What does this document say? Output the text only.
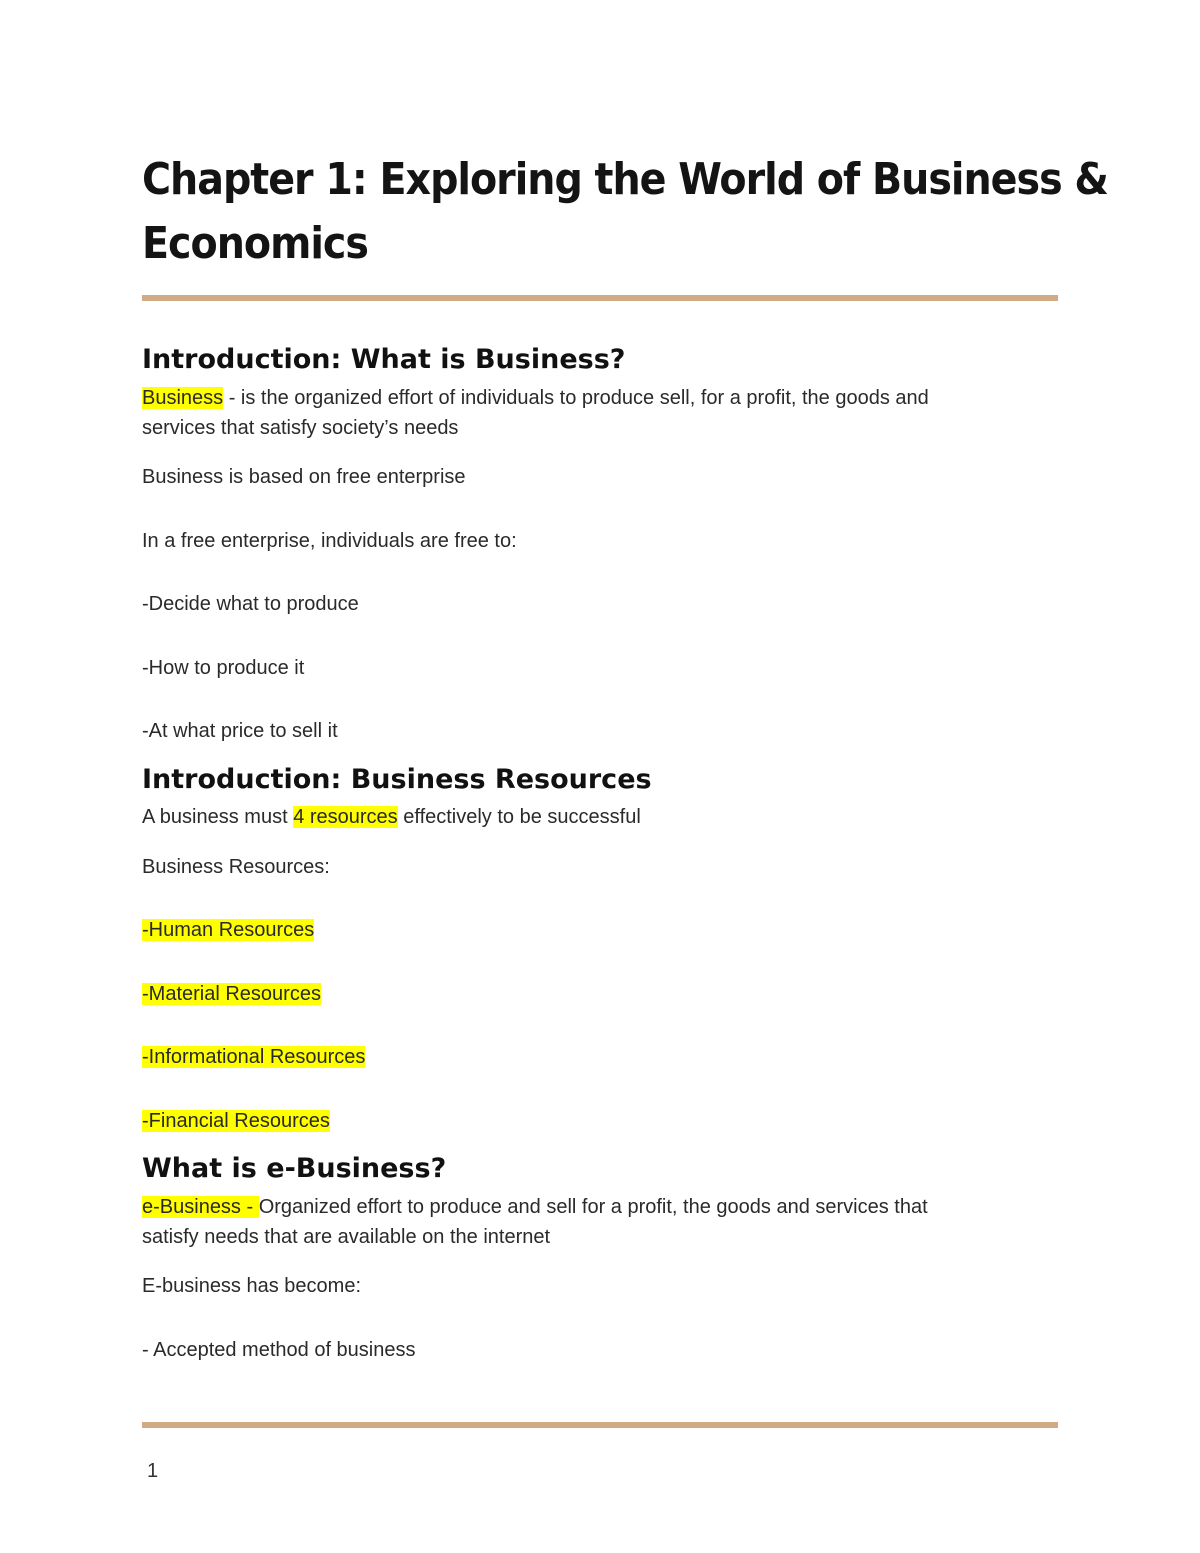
Chapter 1: Exploring the World of Business &
Economics
Introduction: What is Business?
Business - is the organized effort of individuals to produce sell, for a profit, the goods and
services that satisfy society’s needs
Business is based on free enterprise
In a free enterprise, individuals are free to:
-Decide what to produce
-How to produce it
-At what price to sell it
Introduction: Business Resources
A business must 4 resources effectively to be successful
Business Resources:
-Human Resources
-Material Resources
-Informational Resources
-Financial Resources
What is e-Business?
e-Business - Organized effort to produce and sell for a profit, the goods and services that
satisfy needs that are available on the internet
E-business has become:
- Accepted method of business
1
